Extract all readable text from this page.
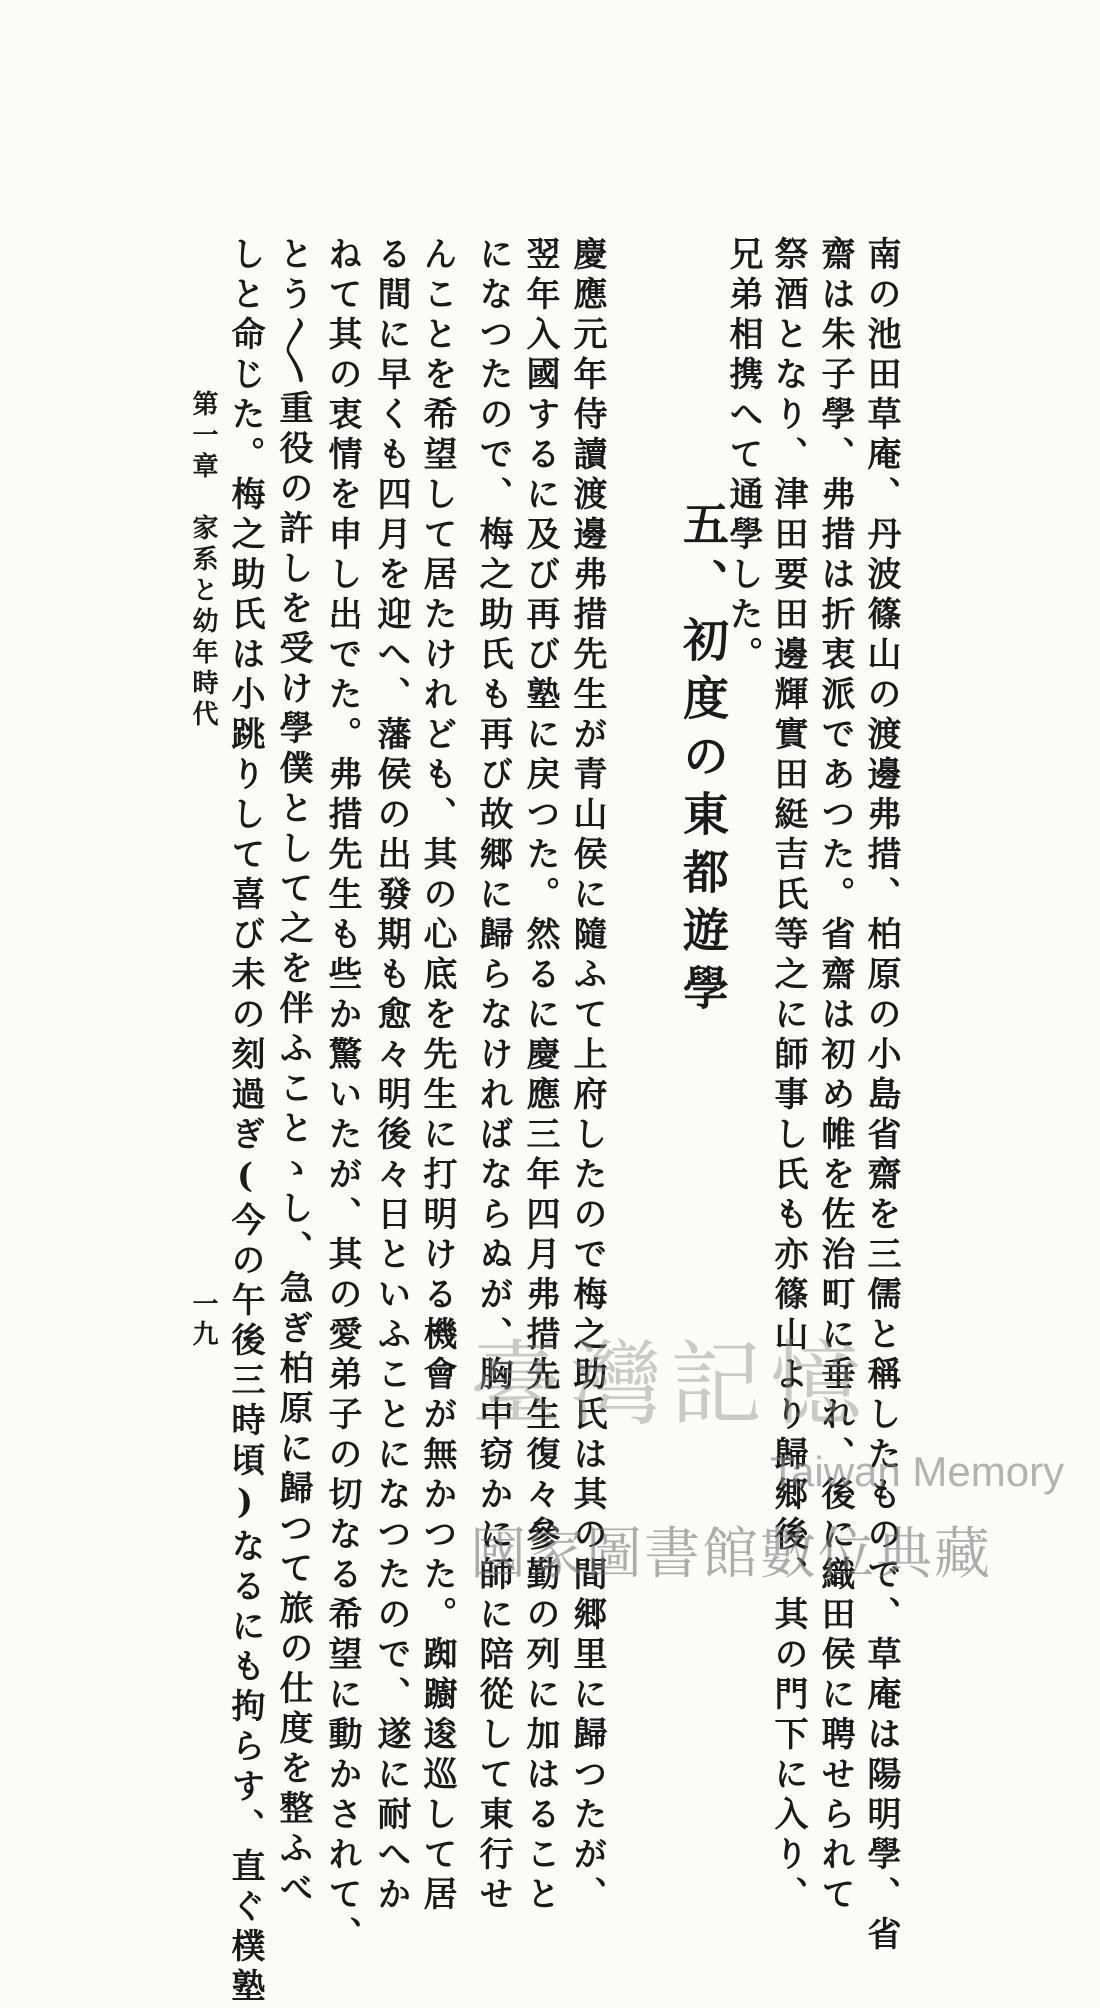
兄弟相携へて通學した。 祭酒となり、津田要田邊輝實田綎吉氏等之に師事し氏も亦篠山より歸郷後、其の門下に入り、 齋は朱子學、弗措は折衷派であつた。省齋は初め帷を佐治町に垂れ、後に織田侯に聘せられて 南の池田草庵、丹波篠山の渡邊弗措、柏原の小島省齋を三儒と稱したもので、草庵は陽明學、省
五、初度の東都遊學
慶應元年侍讀渡邊弗措先生が青山侯に隨ふて上府したので梅之助氏は其の間郷里に歸つたが、
翌年入國するに及び再び塾に戻つた。然るに慶應三年四月弗措先生復々參勤の列に加はること
になつたので、梅之助氏も再び故郷に歸らなければならぬが、胸中窃かに師に陪從して東行せ
んことを希望して居たけれども、其の心底を先生に打明ける機會が無かつた。踟躕逡巡して居
る間に早くも四月を迎へ、藩侯の出發期も愈々明後々日といふことになつたので、遂に耐へか
ねて其の衷情を申し出でた。弗措先生も些か驚いたが、其の愛弟子の切なる希望に動かされて、
とう〳〵重役の許しを受け學僕として之を伴ふことゝし、急ぎ柏原に歸つて旅の仕度を整ふべ
しと命じた。梅之助氏は小跳りして喜び未の刻過ぎ(今の午後三時頃)なるにも拘らす、直ぐ樸塾
第一章　家系と幼年時代
一九
臺灣記憶
Taiwan Memory
國家圖書館數位典藏
